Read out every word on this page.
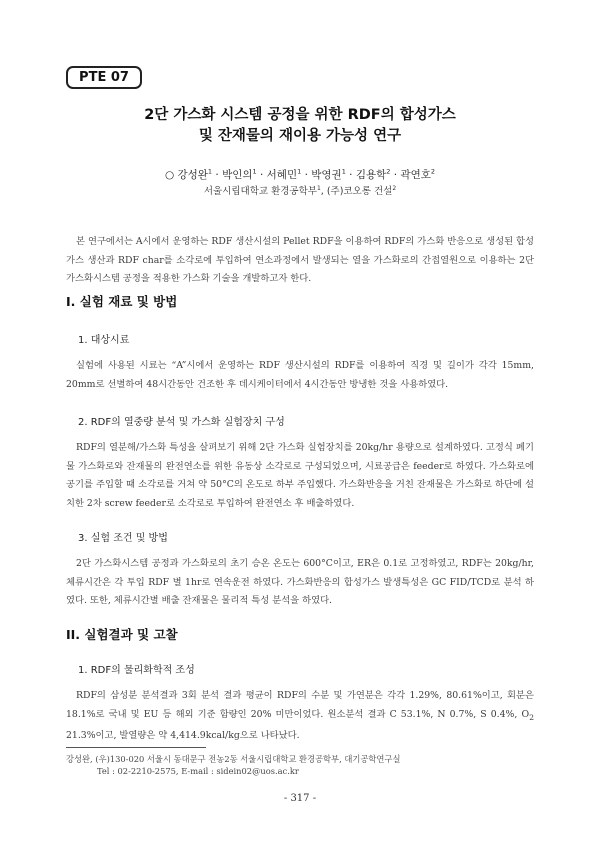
PTE 07
2단 가스화 시스템 공정을 위한 RDF의 합성가스
및 잔재물의 재이용 가능성 연구
○ 강성완$^1$ · 박인의$^1$ · 서혜민$^1$ · 박영권$^1$ · 김용학$^2$ · 곽연호$^2$
서울시립대학교 환경공학부$^1$, (주)코오롱 건설$^2$
본 연구에서는 A시에서 운영하는 RDF 생산시설의 Pellet RDF을 이용하여 RDF의 가스화 반응으로 생성된 합성가스 생산과 RDF char를 소각로에 투입하여 연소과정에서 발생되는 열을 가스화로의 간접열원으로 이용하는 2단 가스화시스템 공정을 적용한 가스화 기술을 개발하고자 한다.
I. 실험 재료 및 방법
1. 대상시료
실험에 사용된 시료는 “A”시에서 운영하는 RDF 생산시설의 RDF를 이용하여 직경 및 길이가 각각 15mm, 20mm로 선별하여 48시간동안 건조한 후 데시케이터에서 4시간동안 방냉한 것을 사용하였다.
2. RDF의 열중량 분석 및 가스화 실험장치 구성
RDF의 열분해/가스화 특성을 살펴보기 위해 2단 가스화 실험장치를 20kg/hr 용량으로 설계하였다. 고정식 폐기물 가스화로와 잔재물의 완전연소를 위한 유동상 소각로로 구성되었으며, 시료공급은 feeder로 하였다. 가스화로에 공기를 주입할 때 소각로를 거쳐 약 50°C의 온도로 하부 주입했다. 가스화반응을 거친 잔재물은 가스화로 하단에 설치한 2차 screw feeder로 소각로로 투입하여 완전연소 후 배출하였다.
3. 실험 조건 및 방법
2단 가스화시스템 공정과 가스화로의 초기 승온 온도는 600°C이고, ER은 0.1로 고정하였고, RDF는 20kg/hr, 체류시간은 각 투입 RDF 별 1hr로 연속운전 하였다. 가스화반응의 합성가스 발생특성은 GC FID/TCD로 분석 하였다. 또한, 체류시간별 배출 잔재물은 물리적 특성 분석을 하였다.
II. 실험결과 및 고찰
1. RDF의 물리화학적 조성
RDF의 삼성분 분석결과 3회 분석 결과 평균이 RDF의 수분 및 가연분은 각각 1.29%, 80.61%이고, 회분은 18.1%로 국내 및 EU 등 해외 기준 함량인 20% 미만이었다. 원소분석 결과 C 53.1%, N 0.7%, S 0.4%, $O_2$ 21.3%이고, 발열량은 약 4,414.9kcal/kg으로 나타났다.
강성완, (우)130-020 서울시 동대문구 전농2동 서울시립대학교 환경공학부, 대기공학연구실
Tel : 02-2210-2575, E-mail : sidein02@uos.ac.kr
- 317 -
